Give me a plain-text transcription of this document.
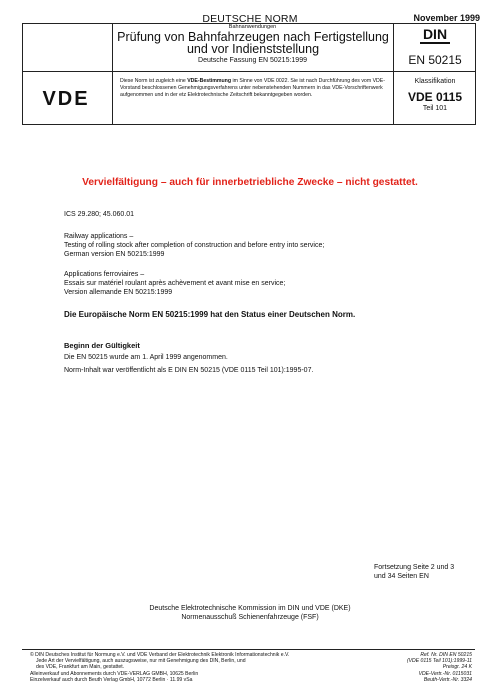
DEUTSCHE NORM	November 1999
Bahnanwendungen
Prüfung von Bahnfahrzeugen nach Fertigstellung
und vor Indienststellung
Deutsche Fassung EN 50215:1999
DIN
EN 50215
VDE
Diese Norm ist zugleich eine VDE-Bestimmung im Sinne von VDE 0022. Sie ist nach Durchführung des vom VDE-Vorstand beschlossenen Genehmigungsverfahrens unter nebenstehenden Nummern in das VDE-Vorschriftenwerk aufgenommen und in der etz Elektrotechnische Zeitschrift bekanntgegeben worden.
Klassifikation
VDE 0115
Teil 101
Vervielfältigung – auch für innerbetriebliche Zwecke – nicht gestattet.
ICS 29.280; 45.060.01
Railway applications –
Testing of rolling stock after completion of construction and before entry into service;
German version EN 50215:1999
Applications ferroviaires –
Essais sur matériel roulant après achèvement et avant mise en service;
Version allemande EN 50215:1999
Die Europäische Norm EN 50215:1999 hat den Status einer Deutschen Norm.
Beginn der Gültigkeit
Die EN 50215 wurde am 1. April 1999 angenommen.
Norm-Inhalt war veröffentlicht als E DIN EN 50215 (VDE 0115 Teil 101):1995-07.
Fortsetzung Seite 2 und 3
und 34 Seiten EN
Deutsche Elektrotechnische Kommission im DIN und VDE (DKE)
Normenausschuß Schienenfahrzeuge (FSF)
© DIN Deutsches Institut für Normung e.V. und VDE Verband der Elektrotechnik Elektronik Informationstechnik e.V.
Jede Art der Vervielfältigung, auch auszugsweise, nur mit Genehmigung des DIN, Berlin, und
des VDE, Frankfurt am Main, gestattet.
Alleinverkauf und Abonnements durch VDE-VERLAG GMBH, 10625 Berlin
Einzelverkauf auch durch Beuth Verlag GmbH, 10772 Berlin · 11.99 vSa
Ref. Nr. DIN EN 50215
(VDE 0115 Teil 101):1999-11
Preisgr. 24 K
VDE-Vertr.-Nr. 0115031
Beuth-Vertr.-Nr. 3324
